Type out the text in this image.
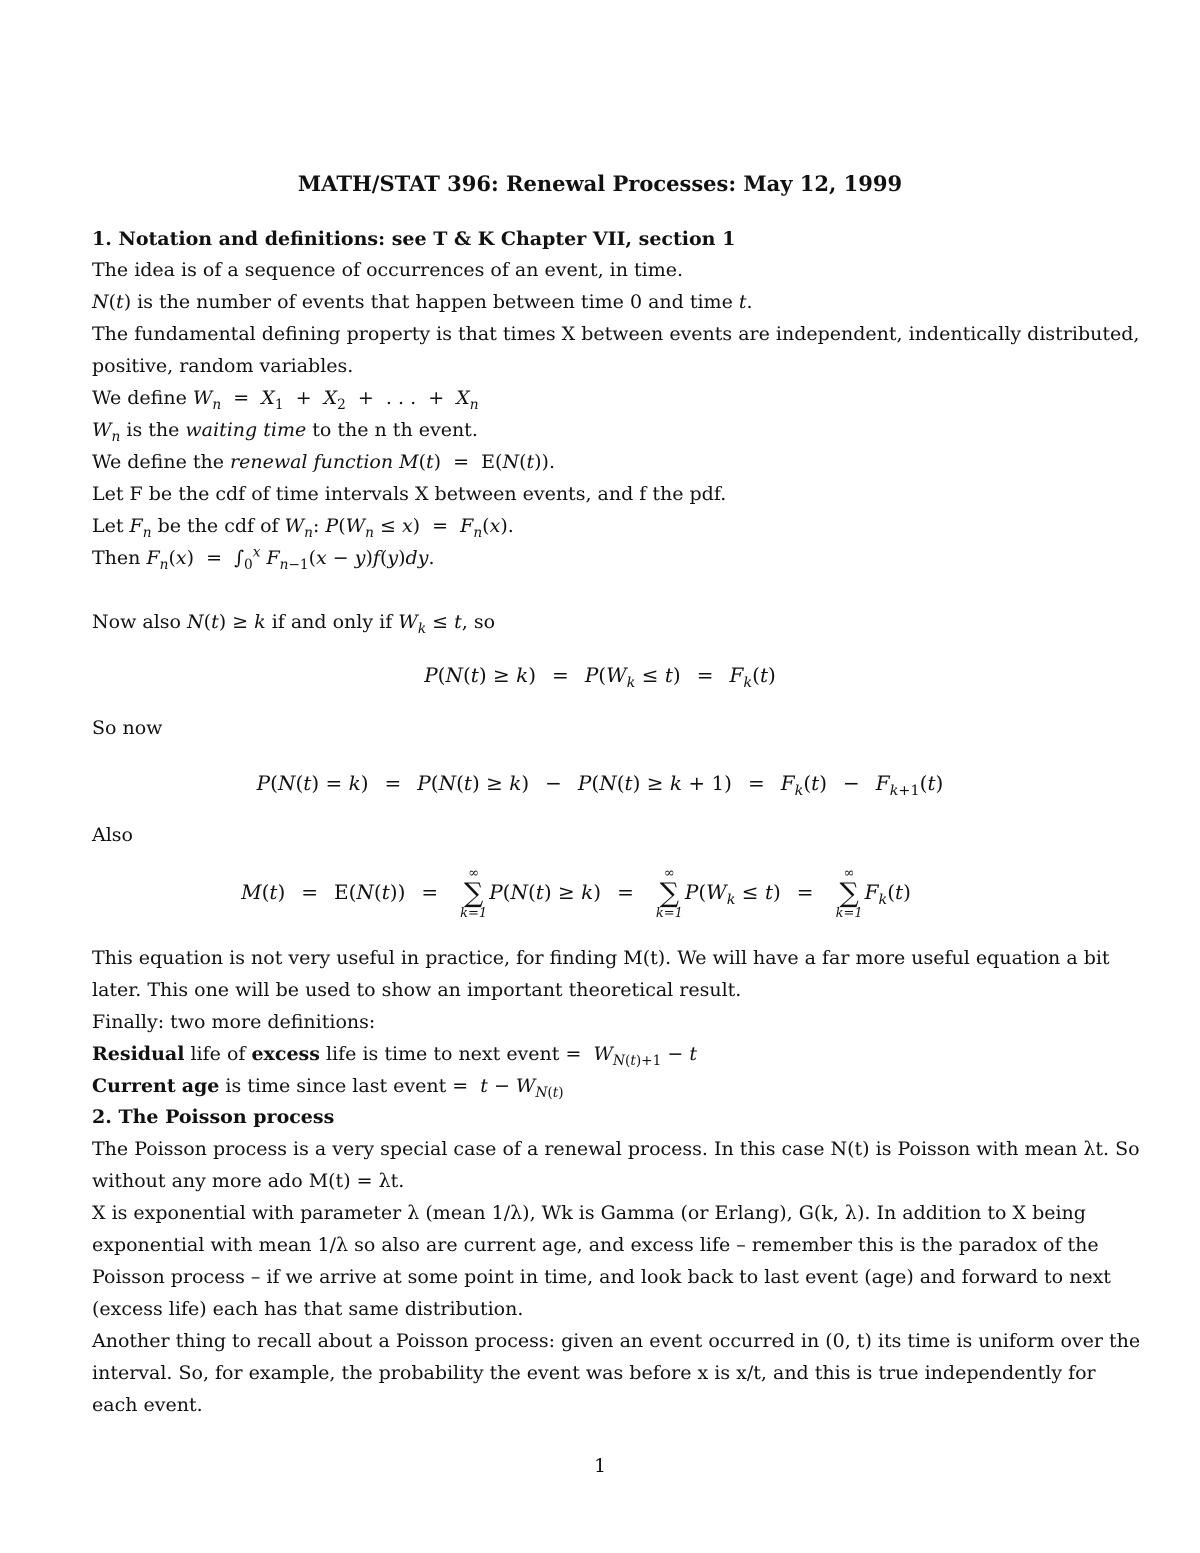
MATH/STAT 396: Renewal Processes: May 12, 1999

1. Notation and definitions: see T & K Chapter VII, section 1

The idea is of a sequence of occurrences of an event, in time.

N(t) is the number of events that happen between time 0 and time t.

The fundamental defining property is that times X between events are independent, indentically distributed,

positive, random variables.

We define $W_n = X_1 + X_2$  +  . . .  +  $X_n$

$W_n$ is the waiting time to the n th event.

We define the renewal function M(t)  =  E(N(t)).

Let F be the cdf of time intervals X between events, and f the pdf.

Let $F_n$ be the cdf of $W_n$: $P(W_n \le x) = F_n(x)$.

Then $F_n(x) = \int_0^x$ $F_{n-1}(x - y)f(y)dy$.

Now also N(t) ≥ k if and only if $W_k \le t$, so

$P(N(t) \ge k) = P(W_k \le t) = F_k(t)$

So now

$P(N(t) = k) = P(N(t) \ge k) - P(N(t) \ge k + 1) = F_k(t) - F_{k+1}(t)$

Also

M(t) = E(N(t)) =
∞
∑
k=1
P(N(t) ≥ k) =
∞
∑
k=1
$P(W_k \le t)$ =
∞
∑
k=1
$F_k(t)$

This equation is not very useful in practice, for finding M(t). We will have a far more useful equation a bit

later. This one will be used to show an important theoretical result.

Finally: two more definitions:

Residual life of excess life is time to next event = $W_{N(t)+1} - t$

Current age is time since last event = $t - W_{N(t)}$

2. The Poisson process

The Poisson process is a very special case of a renewal process. In this case N(t) is Poisson with mean λt. So

without any more ado M(t) = λt.

X is exponential with parameter λ (mean 1/λ), Wk is Gamma (or Erlang), G(k, λ). In addition to X being

exponential with mean 1/λ so also are current age, and excess life – remember this is the paradox of the

Poisson process – if we arrive at some point in time, and look back to last event (age) and forward to next

(excess life) each has that same distribution.

Another thing to recall about a Poisson process: given an event occurred in (0, t) its time is uniform over the

interval. So, for example, the probability the event was before x is x/t, and this is true independently for

each event.

1
